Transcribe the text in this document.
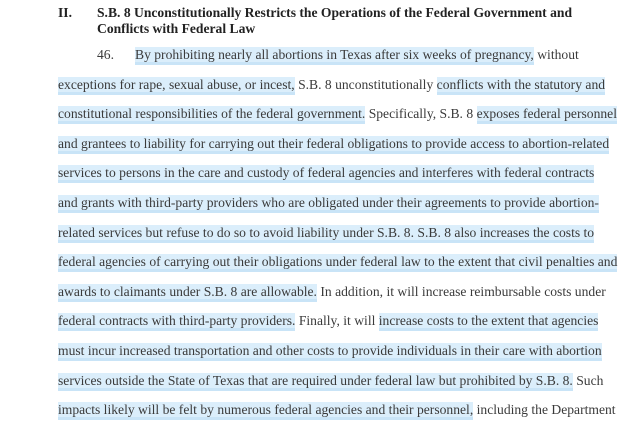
II. S.B. 8 Unconstitutionally Restricts the Operations of the Federal Government and Conflicts with Federal Law
46. By prohibiting nearly all abortions in Texas after six weeks of pregnancy, without
exceptions for rape, sexual abuse, or incest, S.B. 8 unconstitutionally conflicts with the statutory and
constitutional responsibilities of the federal government. Specifically, S.B. 8 exposes federal personnel
and grantees to liability for carrying out their federal obligations to provide access to abortion-related
services to persons in the care and custody of federal agencies and interferes with federal contracts
and grants with third-party providers who are obligated under their agreements to provide abortion-
related services but refuse to do so to avoid liability under S.B. 8. S.B. 8 also increases the costs to
federal agencies of carrying out their obligations under federal law to the extent that civil penalties and
awards to claimants under S.B. 8 are allowable. In addition, it will increase reimbursable costs under
federal contracts with third-party providers. Finally, it will increase costs to the extent that agencies
must incur increased transportation and other costs to provide individuals in their care with abortion
services outside the State of Texas that are required under federal law but prohibited by S.B. 8. Such
impacts likely will be felt by numerous federal agencies and their personnel, including the Department
